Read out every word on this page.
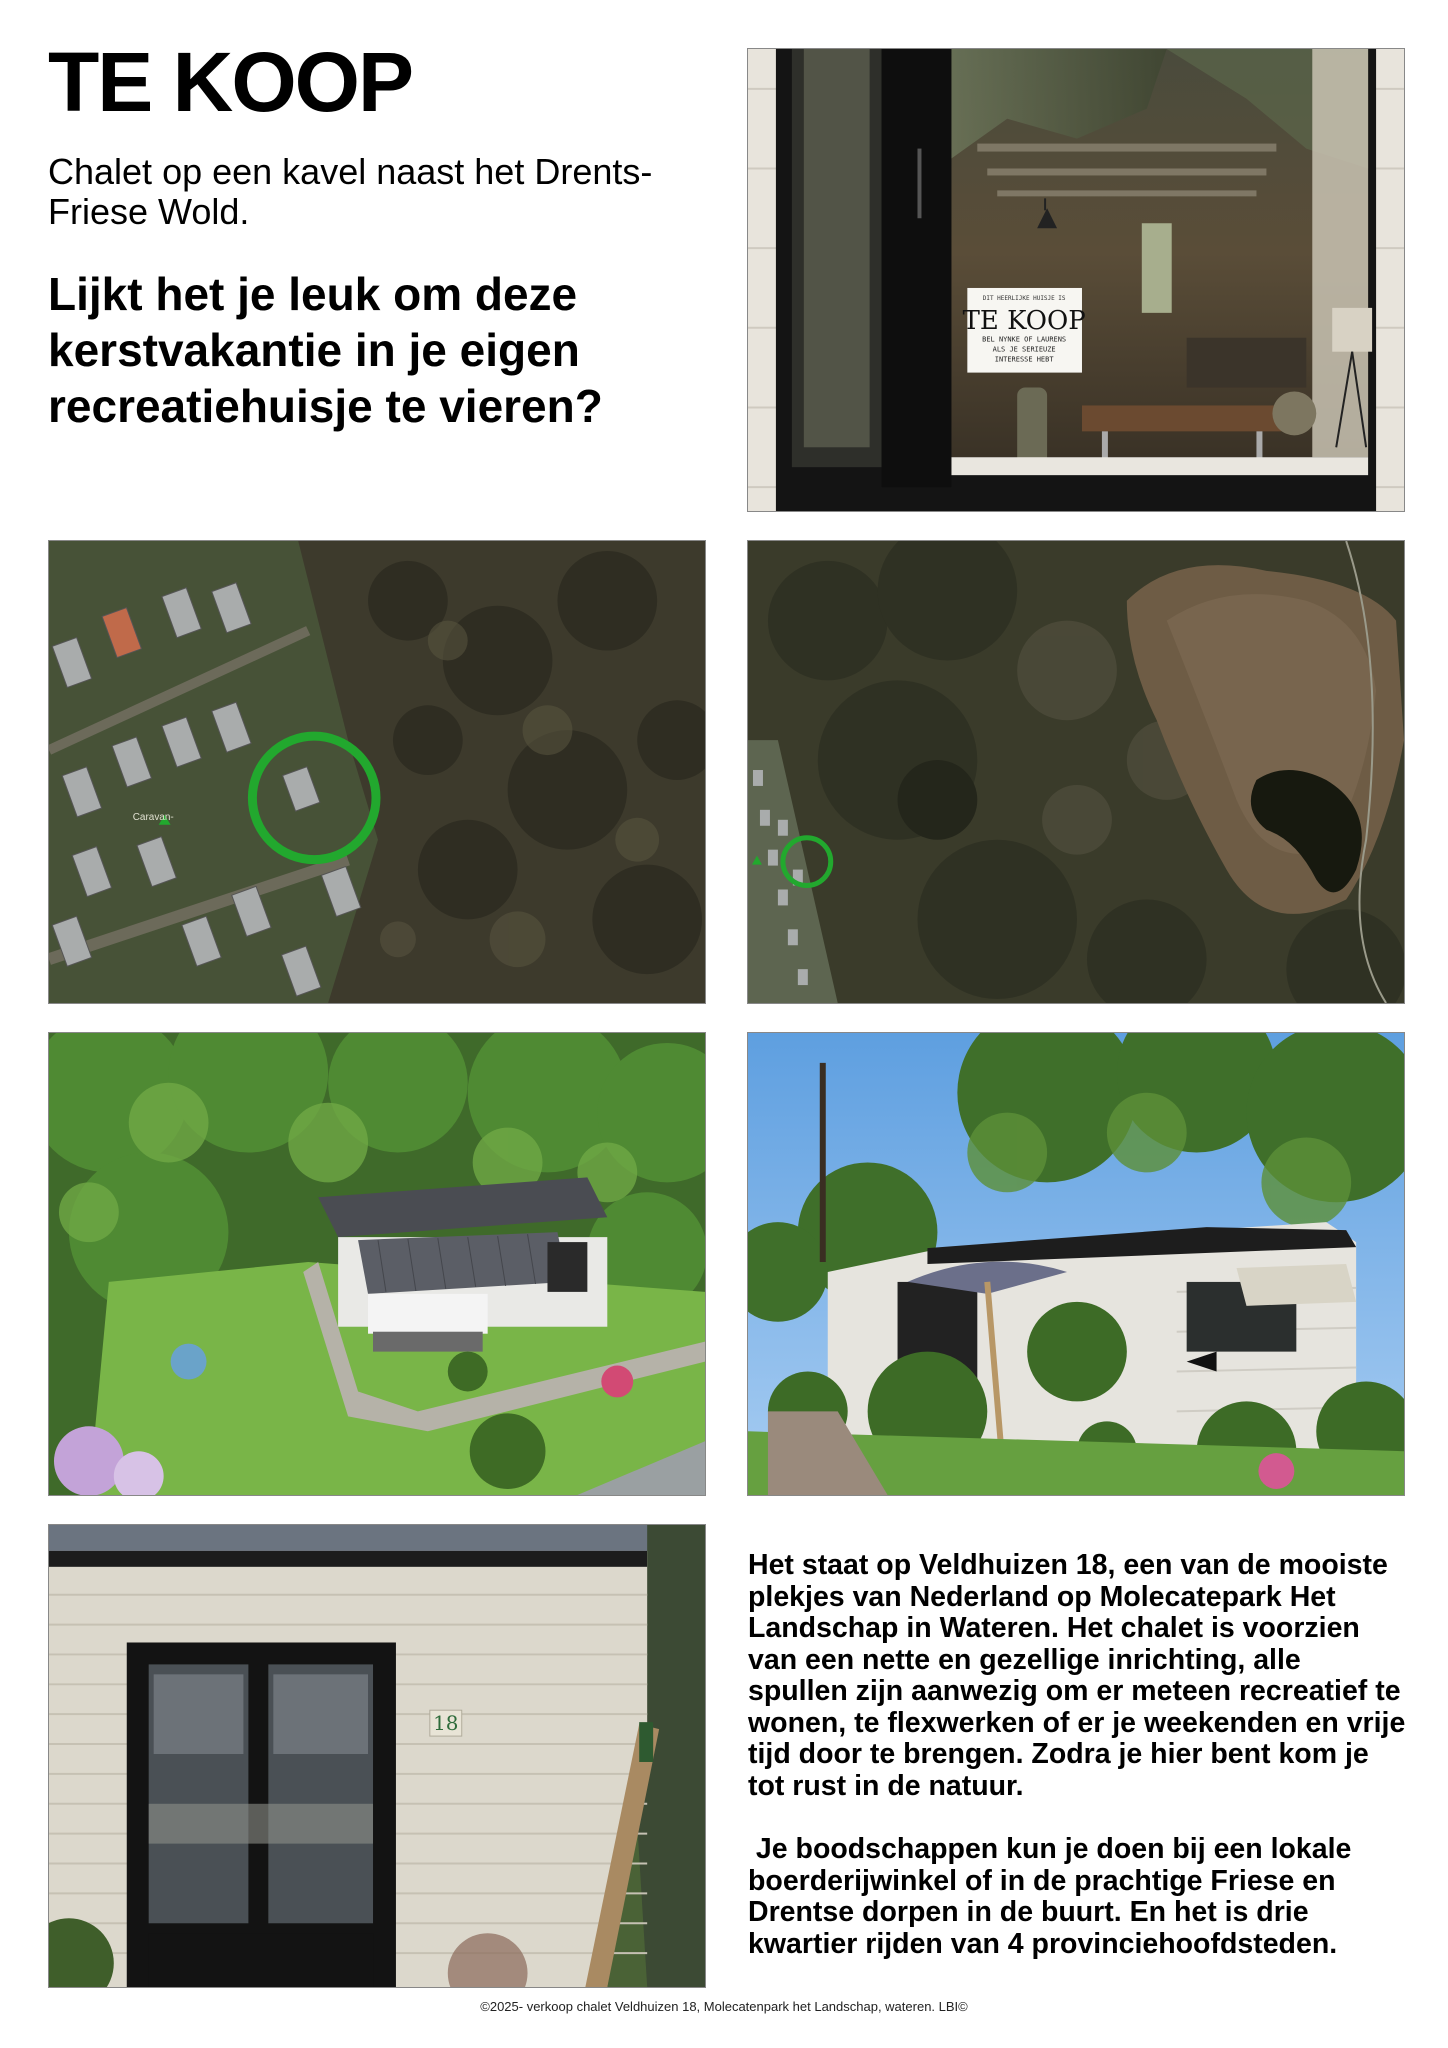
TE KOOP
Chalet op een kavel naast het Drents-Friese Wold.
Lijkt het je leuk om deze kerstvakantie in je eigen recreatiehuisje te vieren?
DIT HEERLIJKE HUISJE IS
TE KOOP
BEL NYNKE OF LAURENS
ALS JE SERIEUZE
INTERESSE HEBT
Caravan-
18

Het staat op Veldhuizen 18, een van de mooiste plekjes van Nederland op Molecatepark Het Landschap in Wateren. Het chalet is voorzien van een nette en gezellige inrichting, alle spullen zijn aanwezig om er meteen recreatief te wonen, te flexwerken of er je weekenden en vrije tijd door te brengen. Zodra je hier bent kom je tot rust in de natuur.

Je boodschappen kun je doen bij een lokale boerderijwinkel of in de prachtige Friese en Drentse dorpen in de buurt. En het is drie kwartier rijden van 4 provinciehoofdsteden.

©2025- verkoop chalet Veldhuizen 18, Molecatenpark het Landschap, wateren. LBI©
